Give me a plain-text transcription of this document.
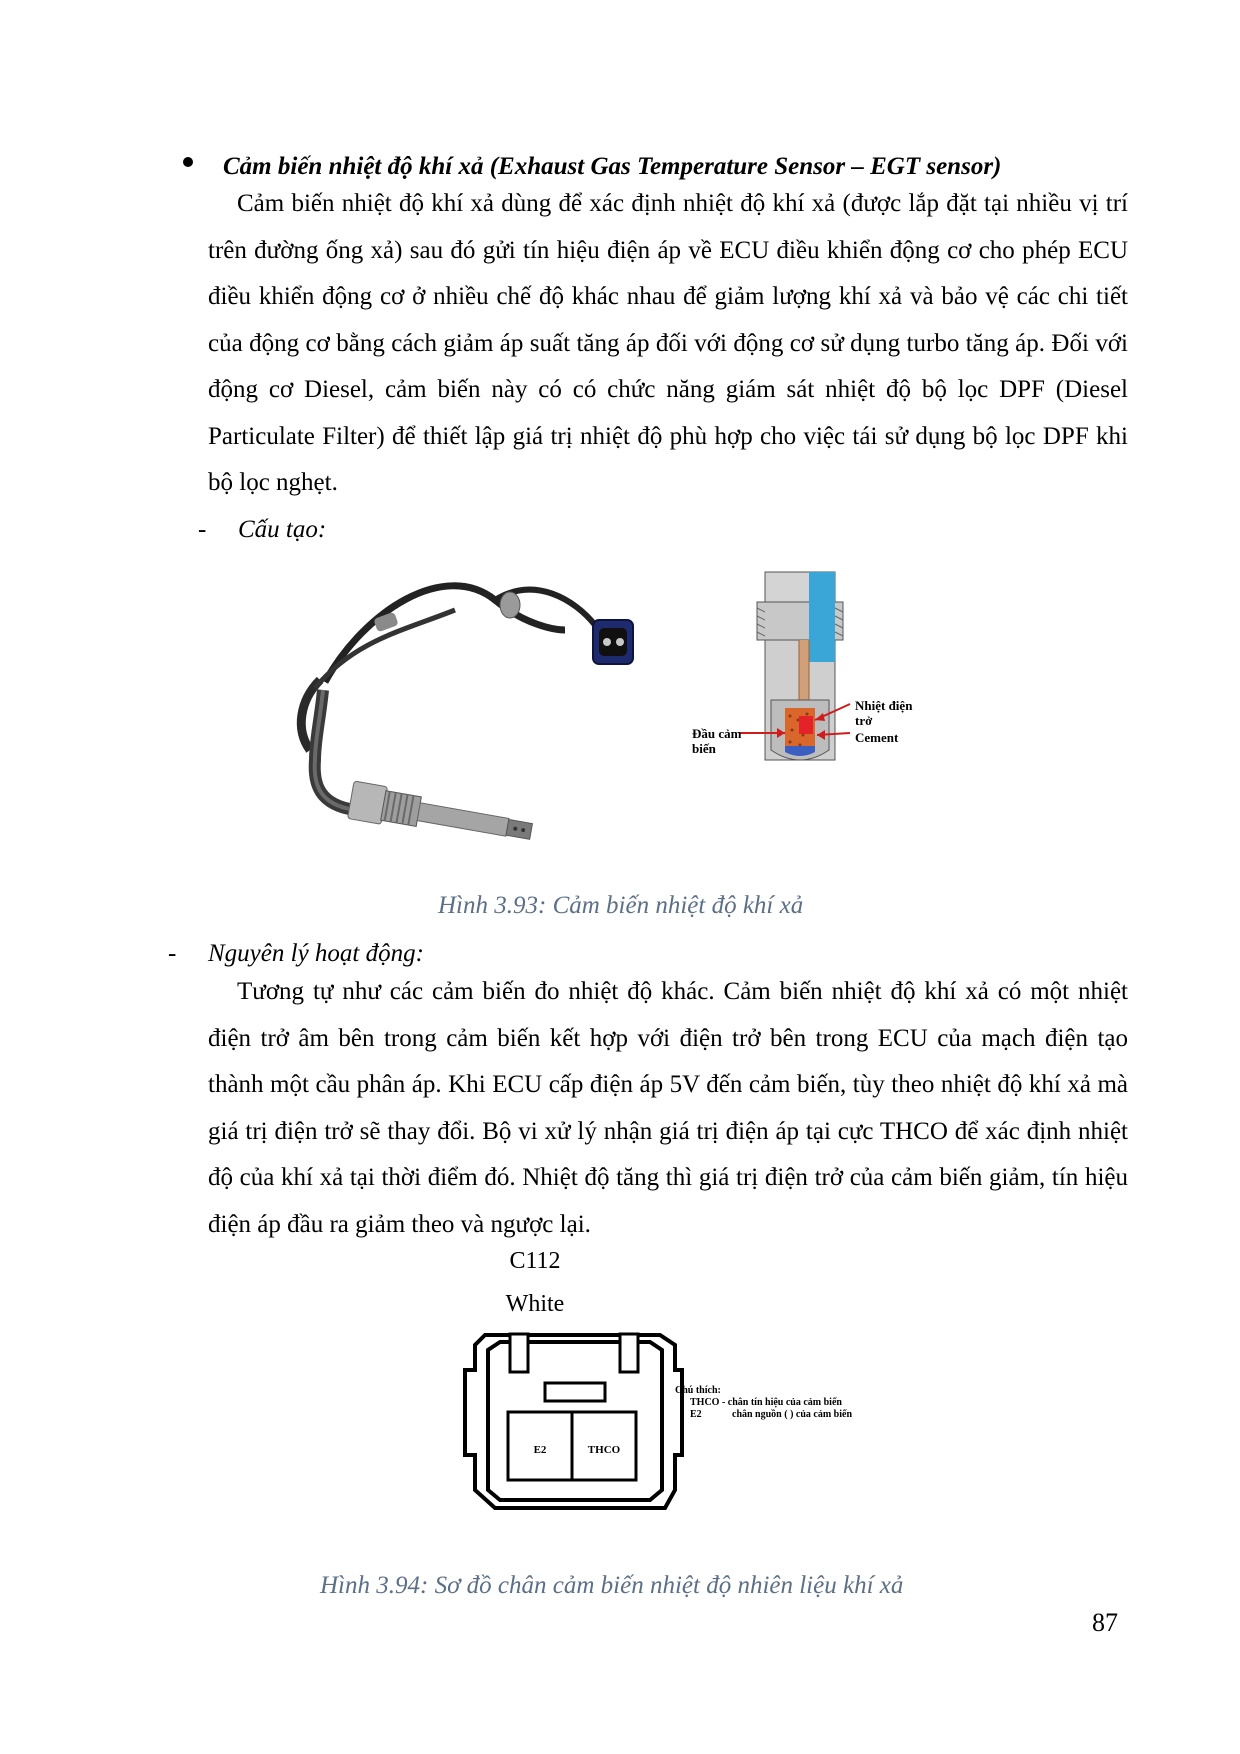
Cảm biến nhiệt độ khí xả (Exhaust Gas Temperature Sensor – EGT sensor)

Cảm biến nhiệt độ khí xả dùng để xác định nhiệt độ khí xả (được lắp đặt tại nhiều vị trí trên đường ống xả) sau đó gửi tín hiệu điện áp về ECU điều khiển động cơ cho phép ECU điều khiển động cơ ở nhiều chế độ khác nhau để giảm lượng khí xả và bảo vệ các chi tiết của động cơ bằng cách giảm áp suất tăng áp đối với động cơ sử dụng turbo tăng áp. Đối với động cơ Diesel, cảm biến này có có chức năng giám sát nhiệt độ bộ lọc DPF (Diesel Particulate Filter) để thiết lập giá trị nhiệt độ phù hợp cho việc tái sử dụng bộ lọc DPF khi bộ lọc nghẹt.

- Cấu tạo:
Nhiệt điện
trở
Cement
Đầu cảm
biến
Hình 3.93: Cảm biến nhiệt độ khí xả
- Nguyên lý hoạt động:

Tương tự như các cảm biến đo nhiệt độ khác. Cảm biến nhiệt độ khí xả có một nhiệt điện trở âm bên trong cảm biến kết hợp với điện trở bên trong ECU của mạch điện tạo thành một cầu phân áp. Khi ECU cấp điện áp 5V đến cảm biến, tùy theo nhiệt độ khí xả mà giá trị điện trở sẽ thay đổi. Bộ vi xử lý nhận giá trị điện áp tại cực THCO để xác định nhiệt độ của khí xả tại thời điểm đó. Nhiệt độ tăng thì giá trị điện trở của cảm biến giảm, tín hiệu điện áp đầu ra giảm theo và ngược lại.

C112
White
E2	THCO
Chú thích:
THCO - chân tín hiệu của cảm biến
E2	chân nguồn ( ) của cảm biến
Hình 3.94: Sơ đồ chân cảm biến nhiệt độ nhiên liệu khí xả
87
